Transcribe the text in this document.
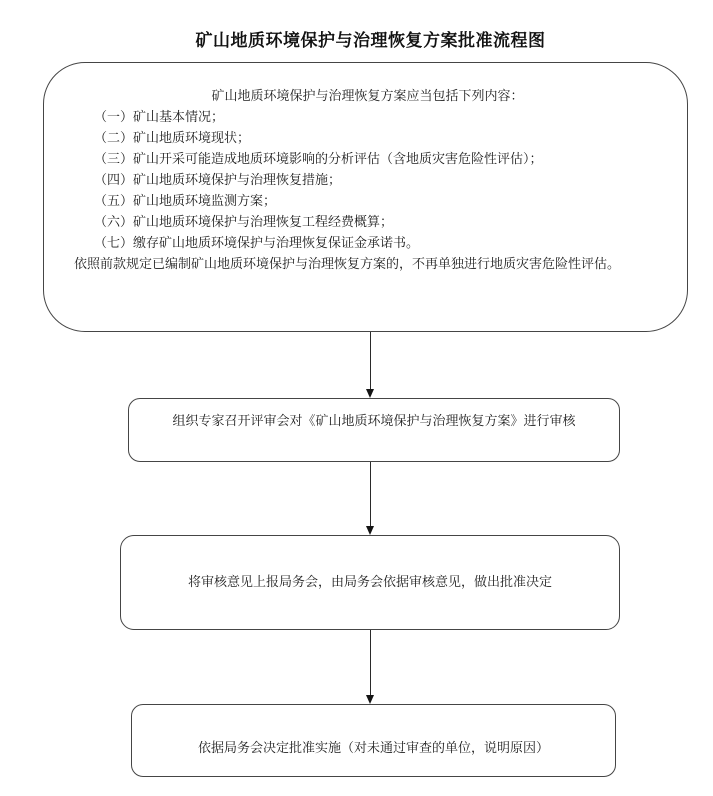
矿山地质环境保护与治理恢复方案批准流程图
矿山地质环境保护与治理恢复方案应当包括下列内容：
（一）矿山基本情况；
（二）矿山地质环境现状；
（三）矿山开采可能造成地质环境影响的分析评估（含地质灾害危险性评估）；
（四）矿山地质环境保护与治理恢复措施；
（五）矿山地质环境监测方案；
（六）矿山地质环境保护与治理恢复工程经费概算；
（七）缴存矿山地质环境保护与治理恢复保证金承诺书。
依照前款规定已编制矿山地质环境保护与治理恢复方案的，不再单独进行地质灾害危险性评估。
组织专家召开评审会对《矿山地质环境保护与治理恢复方案》进行审核
将审核意见上报局务会，由局务会依据审核意见，做出批准决定
依据局务会决定批准实施（对未通过审查的单位，说明原因）
